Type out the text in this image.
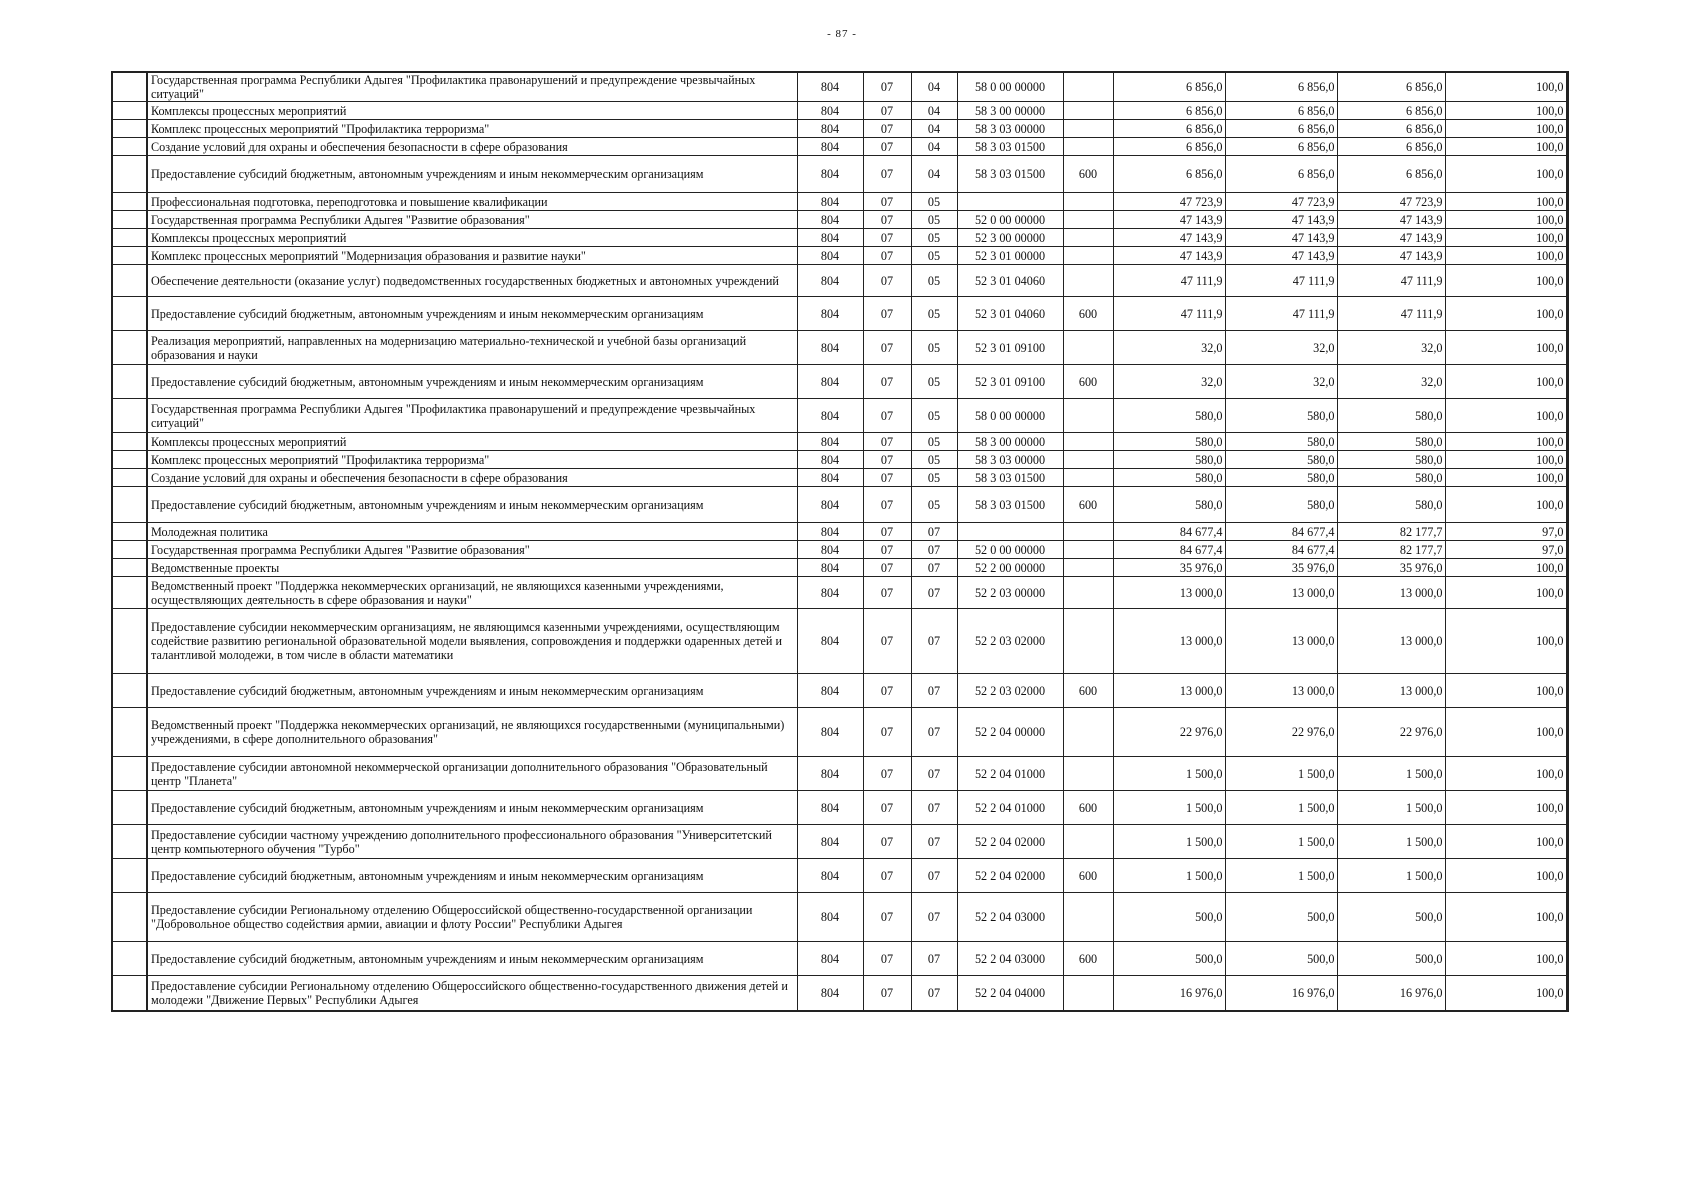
- 87 -
	Государственная программа Республики Адыгея "Профилактика правонарушений и предупреждение чрезвычайных ситуаций"	804	07	04	58 0 00 00000		6 856,0	6 856,0	6 856,0	100,0
	Комплексы процессных мероприятий	804	07	04	58 3 00 00000		6 856,0	6 856,0	6 856,0	100,0
	Комплекс процессных мероприятий "Профилактика терроризма"	804	07	04	58 3 03 00000		6 856,0	6 856,0	6 856,0	100,0
	Создание условий для охраны и обеспечения безопасности в сфере образования	804	07	04	58 3 03 01500		6 856,0	6 856,0	6 856,0	100,0
	Предоставление субсидий бюджетным, автономным учреждениям и иным некоммерческим организациям	804	07	04	58 3 03 01500	600	6 856,0	6 856,0	6 856,0	100,0
	Профессиональная подготовка, переподготовка и повышение квалификации	804	07	05			47 723,9	47 723,9	47 723,9	100,0
	Государственная программа Республики Адыгея "Развитие образования"	804	07	05	52 0 00 00000		47 143,9	47 143,9	47 143,9	100,0
	Комплексы процессных мероприятий	804	07	05	52 3 00 00000		47 143,9	47 143,9	47 143,9	100,0
	Комплекс процессных мероприятий "Модернизация образования и развитие науки"	804	07	05	52 3 01 00000		47 143,9	47 143,9	47 143,9	100,0
	Обеспечение деятельности (оказание услуг) подведомственных государственных бюджетных и автономных учреждений	804	07	05	52 3 01 04060		47 111,9	47 111,9	47 111,9	100,0
	Предоставление субсидий бюджетным, автономным учреждениям и иным некоммерческим организациям	804	07	05	52 3 01 04060	600	47 111,9	47 111,9	47 111,9	100,0
	Реализация мероприятий, направленных на модернизацию материально-технической и учебной базы организаций образования и науки	804	07	05	52 3 01 09100		32,0	32,0	32,0	100,0
	Предоставление субсидий бюджетным, автономным учреждениям и иным некоммерческим организациям	804	07	05	52 3 01 09100	600	32,0	32,0	32,0	100,0
	Государственная программа Республики Адыгея "Профилактика правонарушений и предупреждение чрезвычайных ситуаций"	804	07	05	58 0 00 00000		580,0	580,0	580,0	100,0
	Комплексы процессных мероприятий	804	07	05	58 3 00 00000		580,0	580,0	580,0	100,0
	Комплекс процессных мероприятий "Профилактика терроризма"	804	07	05	58 3 03 00000		580,0	580,0	580,0	100,0
	Создание условий для охраны и обеспечения безопасности в сфере образования	804	07	05	58 3 03 01500		580,0	580,0	580,0	100,0
	Предоставление субсидий бюджетным, автономным учреждениям и иным некоммерческим организациям	804	07	05	58 3 03 01500	600	580,0	580,0	580,0	100,0
	Молодежная политика	804	07	07			84 677,4	84 677,4	82 177,7	97,0
	Государственная программа Республики Адыгея "Развитие образования"	804	07	07	52 0 00 00000		84 677,4	84 677,4	82 177,7	97,0
	Ведомственные проекты	804	07	07	52 2 00 00000		35 976,0	35 976,0	35 976,0	100,0
	Ведомственный проект "Поддержка некоммерческих организаций, не являющихся казенными учреждениями, осуществляющих деятельность в сфере образования и науки"	804	07	07	52 2 03 00000		13 000,0	13 000,0	13 000,0	100,0
	Предоставление субсидии некоммерческим организациям, не являющимся казенными учреждениями, осуществляющим содействие развитию региональной образовательной модели выявления, сопровождения и поддержки одаренных детей и талантливой молодежи, в том числе в области математики	804	07	07	52 2 03 02000		13 000,0	13 000,0	13 000,0	100,0
	Предоставление субсидий бюджетным, автономным учреждениям и иным некоммерческим организациям	804	07	07	52 2 03 02000	600	13 000,0	13 000,0	13 000,0	100,0
	Ведомственный проект "Поддержка некоммерческих организаций, не являющихся государственными (муниципальными) учреждениями, в сфере дополнительного образования"	804	07	07	52 2 04 00000		22 976,0	22 976,0	22 976,0	100,0
	Предоставление субсидии автономной некоммерческой организации дополнительного образования "Образовательный центр "Планета"	804	07	07	52 2 04 01000		1 500,0	1 500,0	1 500,0	100,0
	Предоставление субсидий бюджетным, автономным учреждениям и иным некоммерческим организациям	804	07	07	52 2 04 01000	600	1 500,0	1 500,0	1 500,0	100,0
	Предоставление субсидии частному учреждению дополнительного профессионального образования "Университетский центр компьютерного обучения "Турбо"	804	07	07	52 2 04 02000		1 500,0	1 500,0	1 500,0	100,0
	Предоставление субсидий бюджетным, автономным учреждениям и иным некоммерческим организациям	804	07	07	52 2 04 02000	600	1 500,0	1 500,0	1 500,0	100,0
	Предоставление субсидии Региональному отделению Общероссийской общественно-государственной организации "Добровольное общество содействия армии, авиации и флоту России" Республики Адыгея	804	07	07	52 2 04 03000		500,0	500,0	500,0	100,0
	Предоставление субсидий бюджетным, автономным учреждениям и иным некоммерческим организациям	804	07	07	52 2 04 03000	600	500,0	500,0	500,0	100,0
	Предоставление субсидии Региональному отделению Общероссийского общественно-государственного движения детей и молодежи "Движение Первых" Республики Адыгея	804	07	07	52 2 04 04000		16 976,0	16 976,0	16 976,0	100,0
